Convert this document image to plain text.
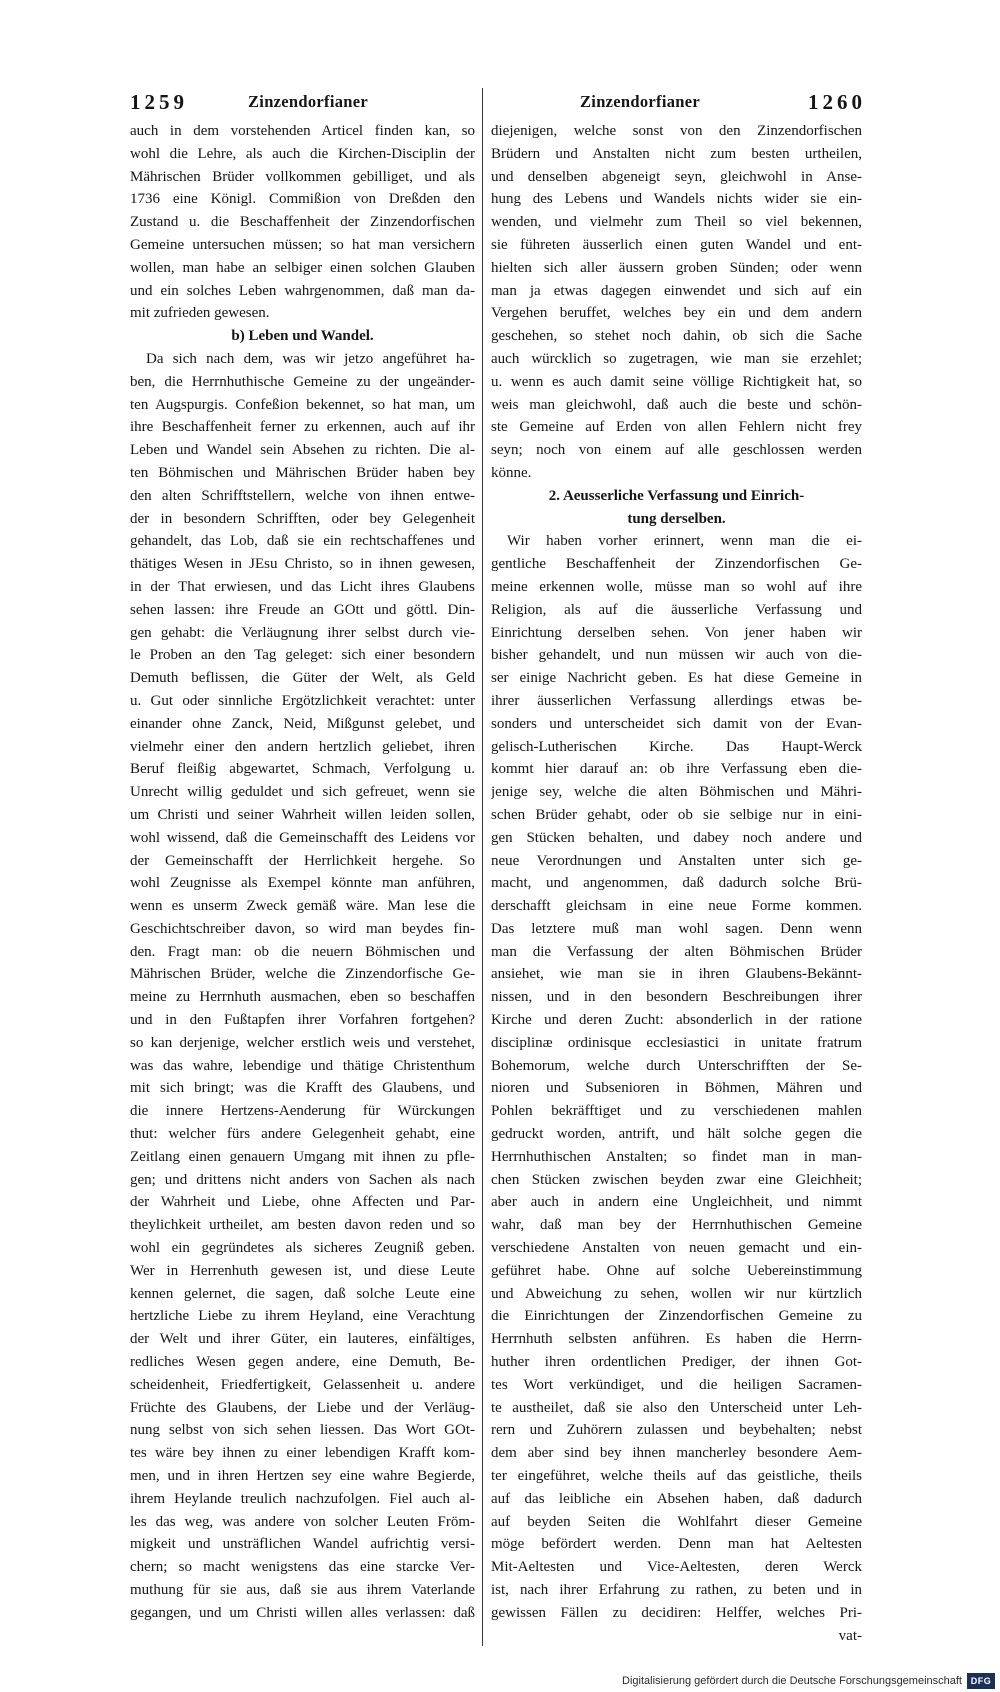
1259	Zinzendorfianer	Zinzendorfianer	1260
auch in dem vorstehenden Articel finden kan, so
wohl die Lehre, als auch die Kirchen-Disciplin der
Mährischen Brüder vollkommen gebilliget, und als
1736 eine Königl. Commißion von Dreßden den
Zustand u. die Beschaffenheit der Zinzendorfischen
Gemeine untersuchen müssen; so hat man versichern
wollen, man habe an selbiger einen solchen Glauben
und ein solches Leben wahrgenommen, daß man da-
mit zufrieden gewesen.
b) Leben und Wandel.
Da sich nach dem, was wir jetzo angeführet ha-
ben, die Herrnhuthische Gemeine zu der ungeänder-
ten Augspurgis. Confeßion bekennet, so hat man, um
ihre Beschaffenheit ferner zu erkennen, auch auf ihr
Leben und Wandel sein Absehen zu richten. Die al-
ten Böhmischen und Mährischen Brüder haben bey
den alten Schrifftstellern, welche von ihnen entwe-
der in besondern Schrifften, oder bey Gelegenheit
gehandelt, das Lob, daß sie ein rechtschaffenes und
thätiges Wesen in JEsu Christo, so in ihnen gewesen,
in der That erwiesen, und das Licht ihres Glaubens
sehen lassen: ihre Freude an GOtt und göttl. Din-
gen gehabt: die Verläugnung ihrer selbst durch vie-
le Proben an den Tag geleget: sich einer besondern
Demuth beflissen, die Güter der Welt, als Geld
u. Gut oder sinnliche Ergötzlichkeit verachtet: unter
einander ohne Zanck, Neid, Mißgunst gelebet, und
vielmehr einer den andern hertzlich geliebet, ihren
Beruf fleißig abgewartet, Schmach, Verfolgung u.
Unrecht willig geduldet und sich gefreuet, wenn sie
um Christi und seiner Wahrheit willen leiden sollen,
wohl wissend, daß die Gemeinschafft des Leidens vor
der Gemeinschafft der Herrlichkeit hergehe. So
wohl Zeugnisse als Exempel könnte man anführen,
wenn es unserm Zweck gemäß wäre. Man lese die
Geschichtschreiber davon, so wird man beydes fin-
den. Fragt man: ob die neuern Böhmischen und
Mährischen Brüder, welche die Zinzendorfische Ge-
meine zu Herrnhuth ausmachen, eben so beschaffen
und in den Fußtapfen ihrer Vorfahren fortgehen?
so kan derjenige, welcher erstlich weis und verstehet,
was das wahre, lebendige und thätige Christenthum
mit sich bringt; was die Krafft des Glaubens, und
die innere Hertzens-Aenderung für Würckungen
thut: welcher fürs andere Gelegenheit gehabt, eine
Zeitlang einen genauern Umgang mit ihnen zu pfle-
gen; und drittens nicht anders von Sachen als nach
der Wahrheit und Liebe, ohne Affecten und Par-
theylichkeit urtheilet, am besten davon reden und so
wohl ein gegründetes als sicheres Zeugniß geben.
Wer in Herrenhuth gewesen ist, und diese Leute
kennen gelernet, die sagen, daß solche Leute eine
hertzliche Liebe zu ihrem Heyland, eine Verachtung
der Welt und ihrer Güter, ein lauteres, einfältiges,
redliches Wesen gegen andere, eine Demuth, Be-
scheidenheit, Friedfertigkeit, Gelassenheit u. andere
Früchte des Glaubens, der Liebe und der Verläug-
nung selbst von sich sehen liessen. Das Wort GOt-
tes wäre bey ihnen zu einer lebendigen Krafft kom-
men, und in ihren Hertzen sey eine wahre Begierde,
ihrem Heylande treulich nachzufolgen. Fiel auch al-
les das weg, was andere von solcher Leuten Fröm-
migkeit und unsträflichen Wandel aufrichtig versi-
chern; so macht wenigstens das eine starcke Ver-
muthung für sie aus, daß sie aus ihrem Vaterlande
gegangen, und um Christi willen alles verlassen: daß
diejenigen, welche sonst von den Zinzendorfischen
Brüdern und Anstalten nicht zum besten urtheilen,
und denselben abgeneigt seyn, gleichwohl in Anse-
hung des Lebens und Wandels nichts wider sie ein-
wenden, und vielmehr zum Theil so viel bekennen,
sie führeten äusserlich einen guten Wandel und ent-
hielten sich aller äussern groben Sünden; oder wenn
man ja etwas dagegen einwendet und sich auf ein
Vergehen beruffet, welches bey ein und dem andern
geschehen, so stehet noch dahin, ob sich die Sache
auch würcklich so zugetragen, wie man sie erzehlet;
u. wenn es auch damit seine völlige Richtigkeit hat, so
weis man gleichwohl, daß auch die beste und schön-
ste Gemeine auf Erden von allen Fehlern nicht frey
seyn; noch von einem auf alle geschlossen werden
könne.
2. Aeusserliche Verfassung und Einrich-
tung derselben.
Wir haben vorher erinnert, wenn man die ei-
gentliche Beschaffenheit der Zinzendorfischen Ge-
meine erkennen wolle, müsse man so wohl auf ihre
Religion, als auf die äusserliche Verfassung und
Einrichtung derselben sehen. Von jener haben wir
bisher gehandelt, und nun müssen wir auch von die-
ser einige Nachricht geben. Es hat diese Gemeine in
ihrer äusserlichen Verfassung allerdings etwas be-
sonders und unterscheidet sich damit von der Evan-
gelisch-Lutherischen Kirche. Das Haupt-Werck
kommt hier darauf an: ob ihre Verfassung eben die-
jenige sey, welche die alten Böhmischen und Mähri-
schen Brüder gehabt, oder ob sie selbige nur in eini-
gen Stücken behalten, und dabey noch andere und
neue Verordnungen und Anstalten unter sich ge-
macht, und angenommen, daß dadurch solche Brü-
derschafft gleichsam in eine neue Forme kommen.
Das letztere muß man wohl sagen. Denn wenn
man die Verfassung der alten Böhmischen Brüder
ansiehet, wie man sie in ihren Glaubens-Bekännt-
nissen, und in den besondern Beschreibungen ihrer
Kirche und deren Zucht: absonderlich in der ratione
disciplinæ ordinisque ecclesiastici in unitate fratrum
Bohemorum, welche durch Unterschrifften der Se-
nioren und Subsenioren in Böhmen, Mähren und
Pohlen bekräfftiget und zu verschiedenen mahlen
gedruckt worden, antrift, und hält solche gegen die
Herrnhuthischen Anstalten; so findet man in man-
chen Stücken zwischen beyden zwar eine Gleichheit;
aber auch in andern eine Ungleichheit, und nimmt
wahr, daß man bey der Herrnhuthischen Gemeine
verschiedene Anstalten von neuen gemacht und ein-
geführet habe. Ohne auf solche Uebereinstimmung
und Abweichung zu sehen, wollen wir nur kürtzlich
die Einrichtungen der Zinzendorfischen Gemeine zu
Herrnhuth selbsten anführen. Es haben die Herrn-
huther ihren ordentlichen Prediger, der ihnen Got-
tes Wort verkündiget, und die heiligen Sacramen-
te austheilet, daß sie also den Unterscheid unter Leh-
rern und Zuhörern zulassen und beybehalten; nebst
dem aber sind bey ihnen mancherley besondere Aem-
ter eingeführet, welche theils auf das geistliche, theils
auf das leibliche ein Absehen haben, daß dadurch
auf beyden Seiten die Wohlfahrt dieser Gemeine
möge befördert werden. Denn man hat Aeltesten
Mit-Aeltesten und Vice-Aeltesten, deren Werck
ist, nach ihrer Erfahrung zu rathen, zu beten und in
gewissen Fällen zu decidiren: Helffer, welches Pri-
vat-
Digitalisierung gefördert durch die Deutsche Forschungsgemeinschaft DFG
